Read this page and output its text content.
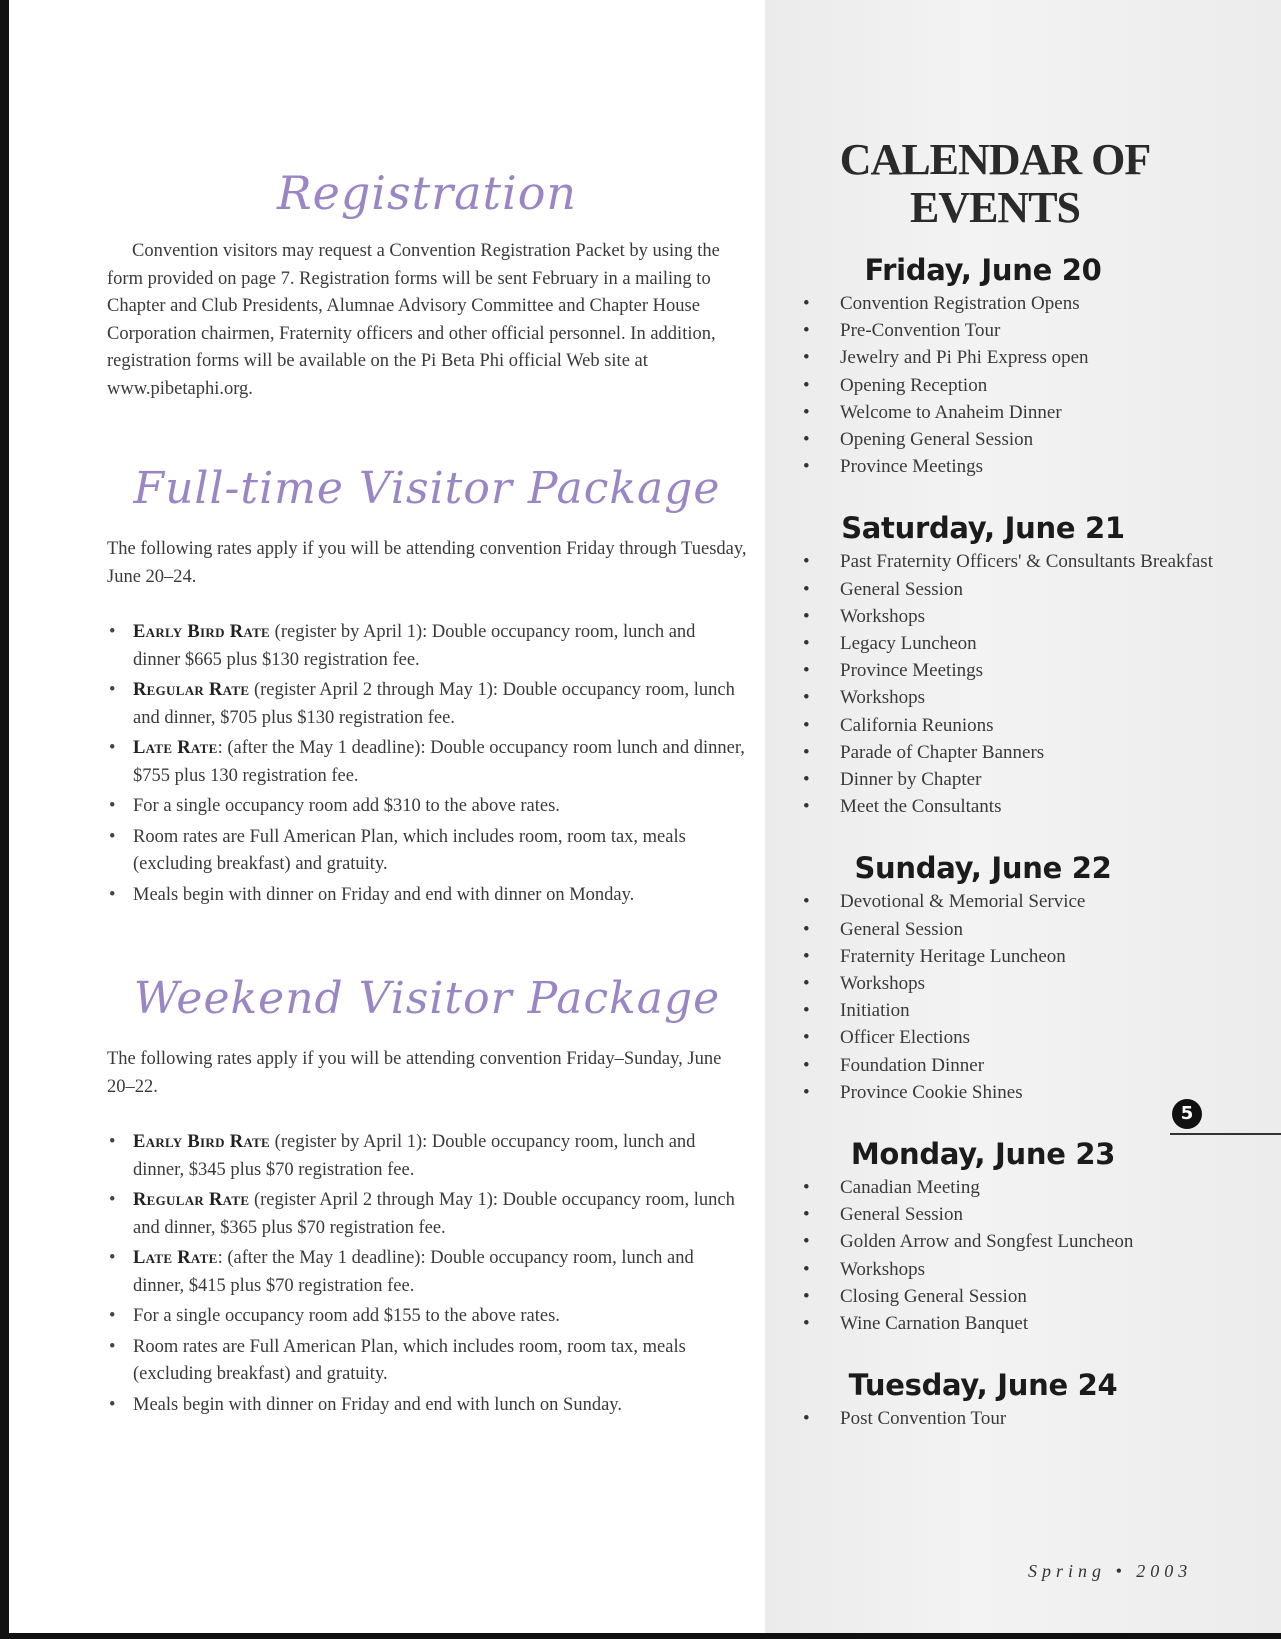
Registration

Convention visitors may request a Convention Registration Packet by using the form provided on page 7. Registration forms will be sent February in a mailing to Chapter and Club Presidents, Alumnae Advisory Committee and Chapter House Corporation chairmen, Fraternity officers and other official personnel. In addition, registration forms will be available on the Pi Beta Phi official Web site at www.pibetaphi.org.

Full-time Visitor Package

The following rates apply if you will be attending convention Friday through Tuesday, June 20–24.

• Early Bird Rate (register by April 1): Double occupancy room, lunch and dinner $665 plus $130 registration fee.
• Regular Rate (register April 2 through May 1): Double occupancy room, lunch and dinner, $705 plus $130 registration fee.
• Late Rate: (after the May 1 deadline): Double occupancy room lunch and dinner, $755 plus 130 registration fee.
• For a single occupancy room add $310 to the above rates.
• Room rates are Full American Plan, which includes room, room tax, meals (excluding breakfast) and gratuity.
• Meals begin with dinner on Friday and end with dinner on Monday.
Weekend Visitor Package

The following rates apply if you will be attending convention Friday–Sunday, June 20–22.

• Early Bird Rate (register by April 1): Double occupancy room, lunch and dinner, $345 plus $70 registration fee.
• Regular Rate (register April 2 through May 1): Double occupancy room, lunch and dinner, $365 plus $70 registration fee.
• Late Rate: (after the May 1 deadline): Double occupancy room, lunch and dinner, $415 plus $70 registration fee.
• For a single occupancy room add $155 to the above rates.
• Room rates are Full American Plan, which includes room, room tax, meals (excluding breakfast) and gratuity.
• Meals begin with dinner on Friday and end with lunch on Sunday.
CALENDAR OF
EVENTS
Friday, June 20
• Convention Registration Opens
• Pre-Convention Tour
• Jewelry and Pi Phi Express open
• Opening Reception
• Welcome to Anaheim Dinner
• Opening General Session
• Province Meetings
Saturday, June 21
• Past Fraternity Officers' & Consultants Breakfast
• General Session
• Workshops
• Legacy Luncheon
• Province Meetings
• Workshops
• California Reunions
• Parade of Chapter Banners
• Dinner by Chapter
• Meet the Consultants
Sunday, June 22
• Devotional & Memorial Service
• General Session
• Fraternity Heritage Luncheon
• Workshops
• Initiation
• Officer Elections
• Foundation Dinner
• Province Cookie Shines
Monday, June 23
• Canadian Meeting
• General Session
• Golden Arrow and Songfest Luncheon
• Workshops
• Closing General Session
• Wine Carnation Banquet
Tuesday, June 24
• Post Convention Tour
5
Spring • 2003
